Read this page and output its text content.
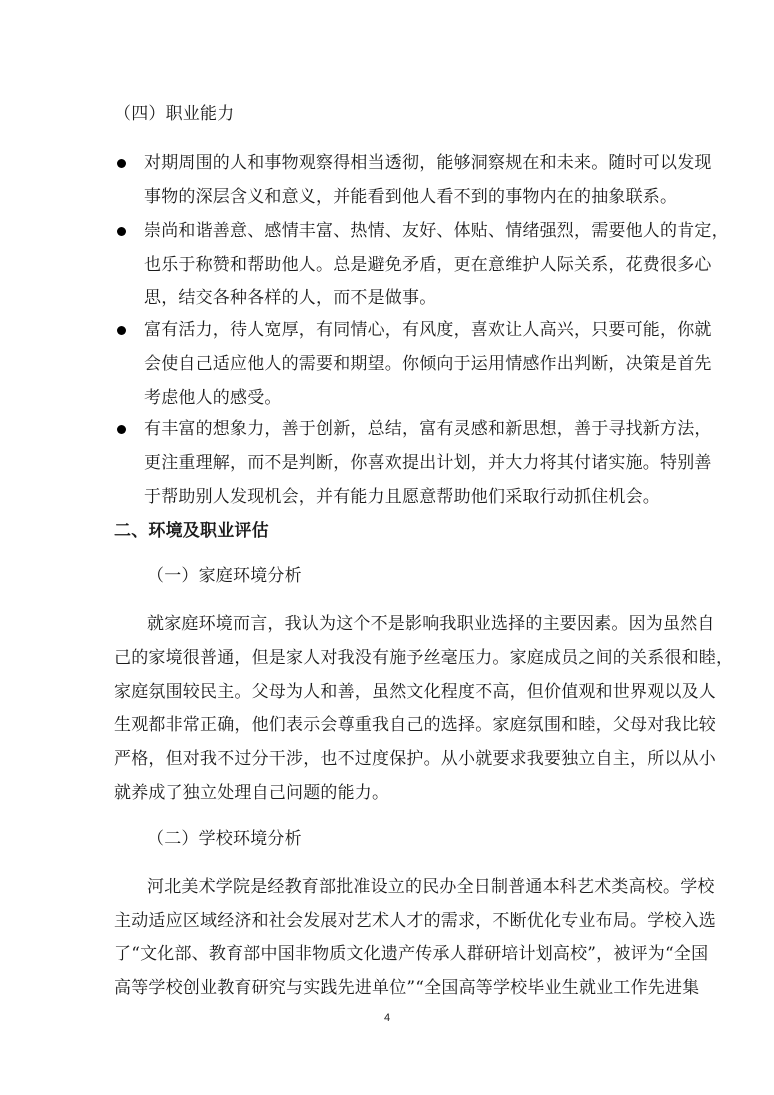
（四）职业能力
对期周围的人和事物观察得相当透彻，能够洞察规在和未来。随时可以发现
事物的深层含义和意义，并能看到他人看不到的事物内在的抽象联系。
崇尚和谐善意、感情丰富、热情、友好、体贴、情绪强烈，需要他人的肯定，
也乐于称赞和帮助他人。总是避免矛盾，更在意维护人际关系，花费很多心
思，结交各种各样的人，而不是做事。
富有活力，待人宽厚，有同情心，有风度，喜欢让人高兴，只要可能，你就
会使自己适应他人的需要和期望。你倾向于运用情感作出判断，决策是首先
考虑他人的感受。
有丰富的想象力，善于创新，总结，富有灵感和新思想，善于寻找新方法，
更注重理解，而不是判断，你喜欢提出计划，并大力将其付诸实施。特别善
于帮助别人发现机会，并有能力且愿意帮助他们采取行动抓住机会。
二、环境及职业评估
（一）家庭环境分析
就家庭环境而言，我认为这个不是影响我职业选择的主要因素。因为虽然自
己的家境很普通，但是家人对我没有施予丝毫压力。家庭成员之间的关系很和睦，
家庭氛围较民主。父母为人和善，虽然文化程度不高，但价值观和世界观以及人
生观都非常正确，他们表示会尊重我自己的选择。家庭氛围和睦，父母对我比较
严格，但对我不过分干涉，也不过度保护。从小就要求我要独立自主，所以从小
就养成了独立处理自己问题的能力。
（二）学校环境分析
河北美术学院是经教育部批准设立的民办全日制普通本科艺术类高校。学校
主动适应区域经济和社会发展对艺术人才的需求，不断优化专业布局。学校入选
了“文化部、教育部中国非物质文化遗产传承人群研培计划高校”，被评为“全国
高等学校创业教育研究与实践先进单位”“全国高等学校毕业生就业工作先进集
4
